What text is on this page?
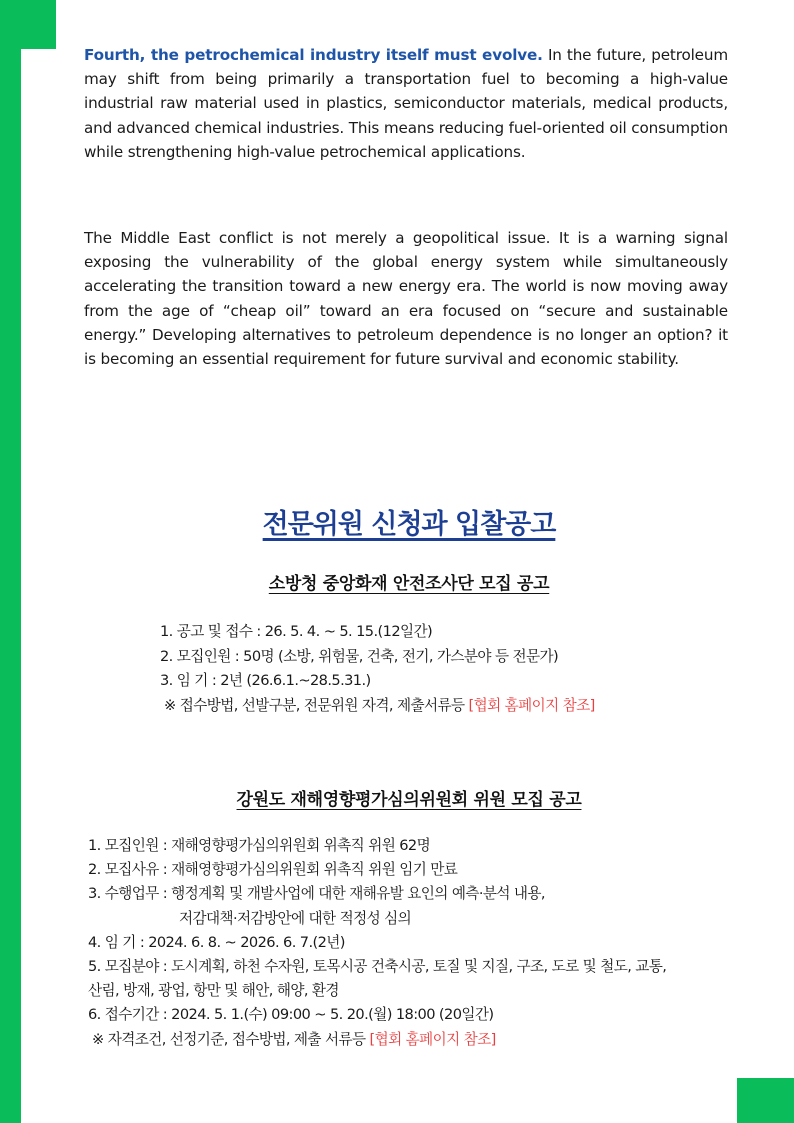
Fourth, the petrochemical industry itself must evolve. In the future, petroleum may shift from being primarily a transportation fuel to becoming a high-value industrial raw material used in plastics, semiconductor materials, medical products, and advanced chemical industries. This means reducing fuel-oriented oil consumption while strengthening high-value petrochemical applications.

The Middle East conflict is not merely a geopolitical issue. It is a warning signal exposing the vulnerability of the global energy system while simultaneously accelerating the transition toward a new energy era. The world is now moving away from the age of “cheap oil” toward an era focused on “secure and sustainable energy.” Developing alternatives to petroleum dependence is no longer an option? it is becoming an essential requirement for future survival and economic stability.

전문위원 신청과 입찰공고
소방청 중앙화재 안전조사단 모집 공고
1. 공고 및 접수 : 26. 5. 4. ~ 5. 15.(12일간)
2. 모집인원 : 50명 (소방, 위험물, 건축, 전기, 가스분야 등 전문가)
3. 임 기 : 2년 (26.6.1.~28.5.31.)
※ 접수방법, 선발구분, 전문위원 자격, 제출서류등 [협회 홈페이지 참조]
강원도 재해영향평가심의위원회 위원 모집 공고
1. 모집인원 : 재해영향평가심의위원회 위촉직 위원 62명
2. 모집사유 : 재해영향평가심의위원회 위촉직 위원 임기 만료
3. 수행업무 : 행정계획 및 개발사업에 대한 재해유발 요인의 예측·분석 내용,
저감대책·저감방안에 대한 적정성 심의
4. 임 기 : 2024. 6. 8. ~ 2026. 6. 7.(2년)
5. 모집분야 : 도시계획, 하천 수자원, 토목시공 건축시공, 토질 및 지질, 구조, 도로 및 철도, 교통,
산림, 방재, 광업, 항만 및 해안, 해양, 환경
6. 접수기간 : 2024. 5. 1.(수) 09:00 ~ 5. 20.(월) 18:00 (20일간)
※ 자격조건, 선정기준, 접수방법, 제출 서류등 [협회 홈페이지 참조]
